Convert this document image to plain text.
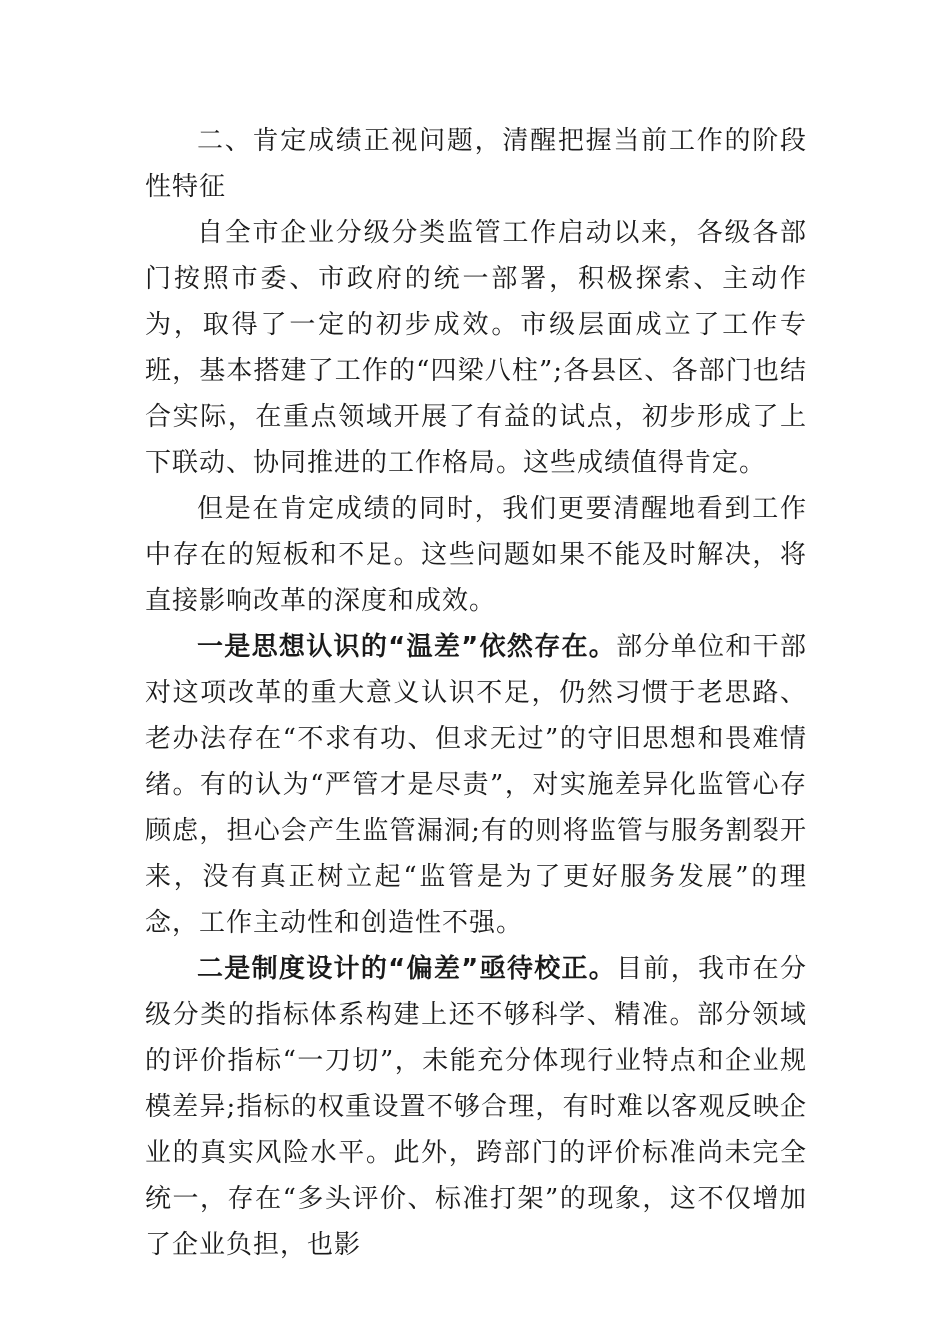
二、肯定成绩正视问题，清醒把握当前工作的阶段性特征

自全市企业分级分类监管工作启动以来，各级各部门按照市委、市政府的统一部署，积极探索、主动作为，取得了一定的初步成效。市级层面成立了工作专班，基本搭建了工作的“四梁八柱”;各县区、各部门也结合实际，在重点领域开展了有益的试点，初步形成了上下联动、协同推进的工作格局。这些成绩值得肯定。

但是在肯定成绩的同时，我们更要清醒地看到工作中存在的短板和不足。这些问题如果不能及时解决，将直接影响改革的深度和成效。

一是思想认识的“温差”依然存在。部分单位和干部对这项改革的重大意义认识不足，仍然习惯于老思路、老办法存在“不求有功、但求无过”的守旧思想和畏难情绪。有的认为“严管才是尽责”，对实施差异化监管心存顾虑，担心会产生监管漏洞;有的则将监管与服务割裂开来，没有真正树立起“监管是为了更好服务发展”的理念，工作主动性和创造性不强。

二是制度设计的“偏差”亟待校正。目前，我市在分级分类的指标体系构建上还不够科学、精准。部分领域的评价指标“一刀切”，未能充分体现行业特点和企业规模差异;指标的权重设置不够合理，有时难以客观反映企业的真实风险水平。此外，跨部门的评价标准尚未完全统一，存在“多头评价、标准打架”的现象，这不仅增加了企业负担，也影
